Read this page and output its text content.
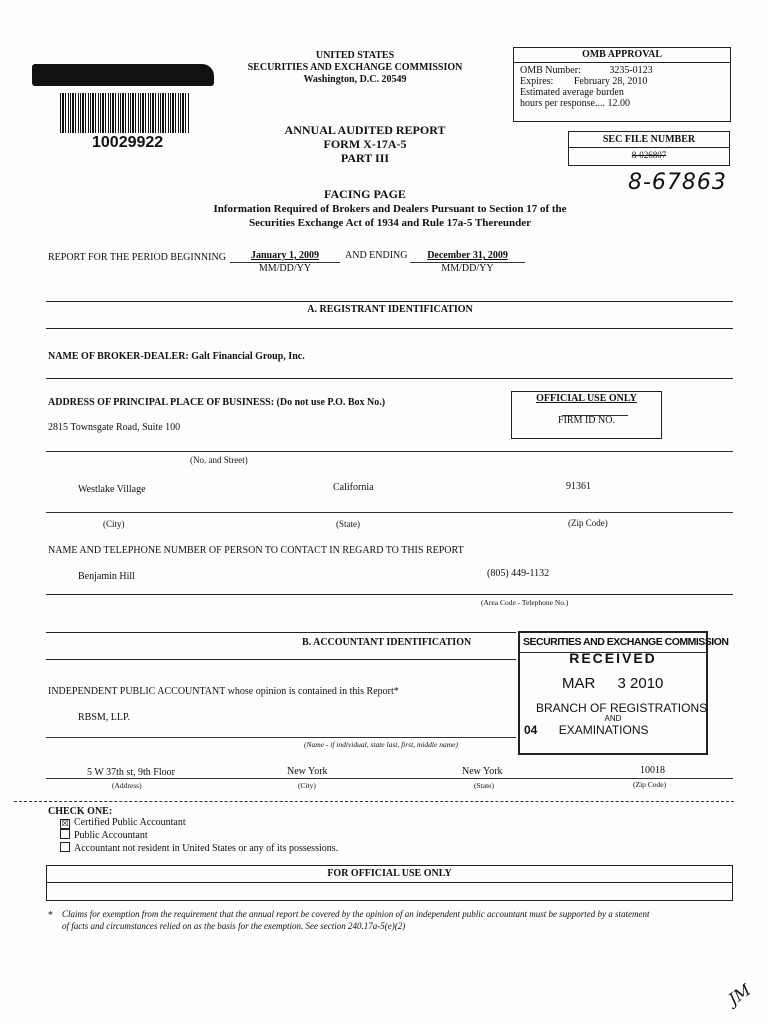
10029922
UNITED STATES
SECURITIES AND EXCHANGE COMMISSION
Washington, D.C. 20549
OMB APPROVAL
OMB Number:	3235-0123
Expires: February 28, 2010
Estimated average burden
hours per response.... 12.00
ANNUAL AUDITED REPORT
FORM X-17A-5
PART III
SEC FILE NUMBER
8-026807
8-67863
FACING PAGE
Information Required of Brokers and Dealers Pursuant to Section 17 of the
Securities Exchange Act of 1934 and Rule 17a-5 Thereunder
REPORT FOR THE PERIOD BEGINNING	January 1, 2009
MM/DD/YY
AND ENDING	December 31, 2009
MM/DD/YY
A. REGISTRANT IDENTIFICATION
NAME OF BROKER-DEALER: Galt Financial Group, Inc.
ADDRESS OF PRINCIPAL PLACE OF BUSINESS: (Do not use P.O. Box No.)	OFFICIAL USE ONLY
FIRM ID NO.
2815 Townsgate Road, Suite 100
(No. and Street)
Westlake Village	California	91361
(City)	(State)	(Zip Code)
NAME AND TELEPHONE NUMBER OF PERSON TO CONTACT IN REGARD TO THIS REPORT
Benjamin Hill	(805) 449-1132
(Area Code - Telephone No.)
B. ACCOUNTANT IDENTIFICATION
INDEPENDENT PUBLIC ACCOUNTANT whose opinion is contained in this Report*
RBSM, LLP.
(Name - if individual, state last, first, middle name)
5 W 37th st, 9th Floor	New York	New York	10018
(Address)	(City)	(State)	(Zip Code)
SECURITIES AND EXCHANGE COMMISSION
RECEIVED
MAR 3 2010
BRANCH OF REGISTRATIONS
AND
04 EXAMINATIONS
CHECK ONE:
☒ Certified Public Accountant
Public Accountant
Accountant not resident in United States or any of its possessions.
FOR OFFICIAL USE ONLY
* Claims for exemption from the requirement that the annual report be covered by the opinion of an independent public accountant must be supported by a statement
of facts and circumstances relied on as the basis for the exemption. See section 240.17a-5(e)(2)
JM
